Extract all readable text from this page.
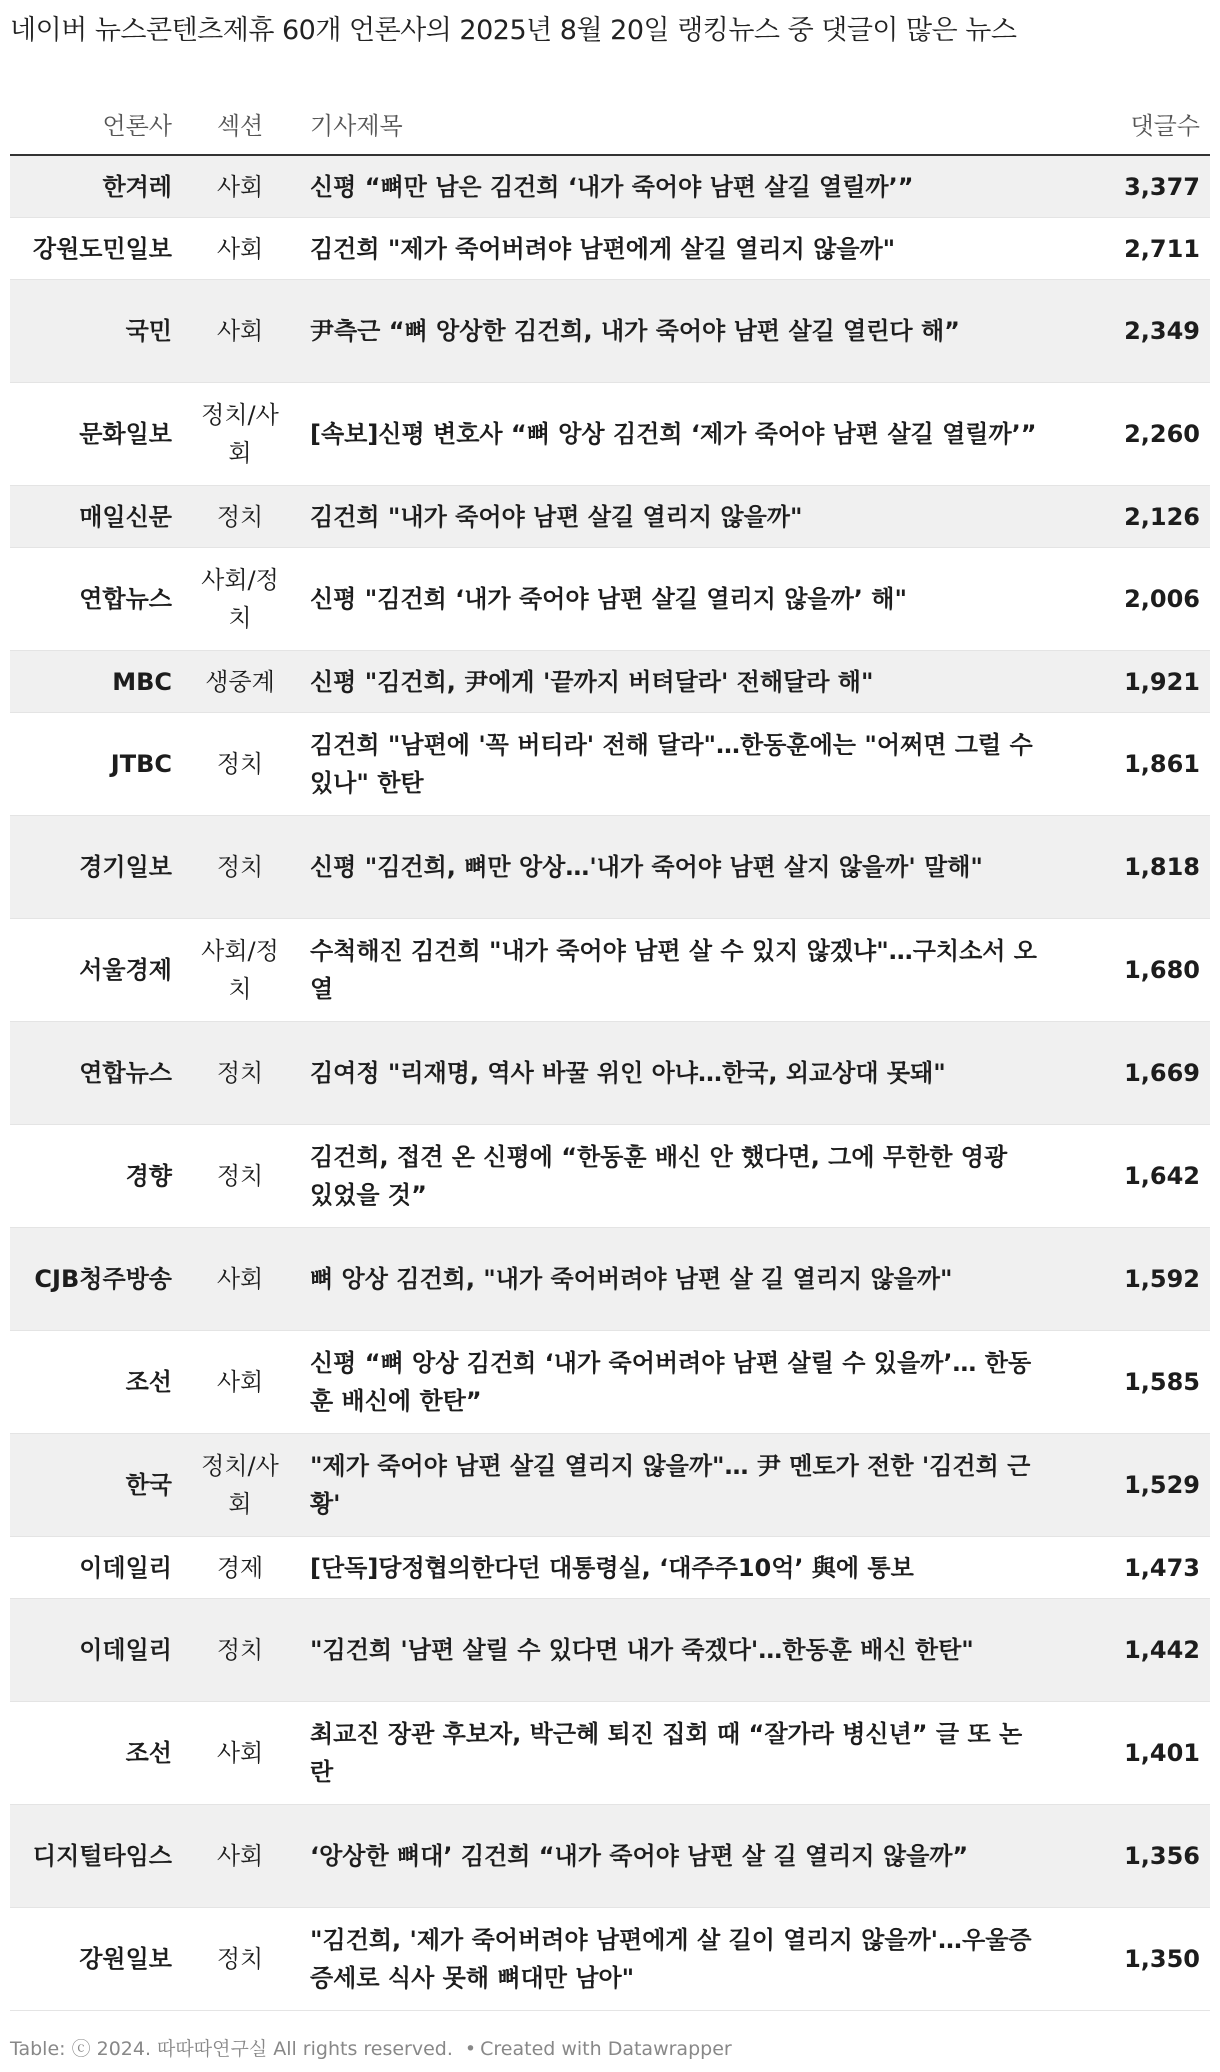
네이버 뉴스콘텐츠제휴 60개 언론사의 2025년 8월 20일 랭킹뉴스 중 댓글이 많은 뉴스
언론사	섹션	기사제목	댓글수
한겨레	사회	신평 “뼈만 남은 김건희 ‘내가 죽어야 남편 살길 열릴까’”	3,377
강원도민일보	사회	김건희 "제가 죽어버려야 남편에게 살길 열리지 않을까"	2,711
국민	사회	尹측근 “뼈 앙상한 김건희, 내가 죽어야 남편 살길 열린다 해”	2,349
문화일보	정치/사회	[속보]신평 변호사 “뼈 앙상 김건희 ‘제가 죽어야 남편 살길 열릴까’”	2,260
매일신문	정치	김건희 "내가 죽어야 남편 살길 열리지 않을까"	2,126
연합뉴스	사회/정치	신평 "김건희 ‘내가 죽어야 남편 살길 열리지 않을까’ 해"	2,006
MBC	생중계	신평 "김건희, 尹에게 '끝까지 버텨달라' 전해달라 해"	1,921
JTBC	정치	김건희 "남편에 '꼭 버티라' 전해 달라"…한동훈에는 "어쩌면 그럴 수 있나" 한탄	1,861
경기일보	정치	신평 "김건희, 뼈만 앙상…'내가 죽어야 남편 살지 않을까' 말해"	1,818
서울경제	사회/정치	수척해진 김건희 "내가 죽어야 남편 살 수 있지 않겠냐"…구치소서 오열	1,680
연합뉴스	정치	김여정 "리재명, 역사 바꿀 위인 아냐…한국, 외교상대 못돼"	1,669
경향	정치	김건희, 접견 온 신평에 “한동훈 배신 안 했다면, 그에 무한한 영광 있었을 것”	1,642
CJB청주방송	사회	뼈 앙상 김건희, "내가 죽어버려야 남편 살 길 열리지 않을까"	1,592
조선	사회	신평 “뼈 앙상 김건희 ‘내가 죽어버려야 남편 살릴 수 있을까’… 한동훈 배신에 한탄”	1,585
한국	정치/사회	"제가 죽어야 남편 살길 열리지 않을까"… 尹 멘토가 전한 '김건희 근황'	1,529
이데일리	경제	[단독]당정협의한다던 대통령실, ‘대주주10억’ 與에 통보	1,473
이데일리	정치	"김건희 '남편 살릴 수 있다면 내가 죽겠다'…한동훈 배신 한탄"	1,442
조선	사회	최교진 장관 후보자, 박근혜 퇴진 집회 때 “잘가라 병신년” 글 또 논란	1,401
디지털타임스	사회	‘앙상한 뼈대’ 김건희 “내가 죽어야 남편 살 길 열리지 않을까”	1,356
강원일보	정치	"김건희, '제가 죽어버려야 남편에게 살 길이 열리지 않을까'…우울증 증세로 식사 못해 뼈대만 남아"	1,350
Table: ⓒ 2024. 따따따연구실 All rights reserved. • Created with Datawrapper
